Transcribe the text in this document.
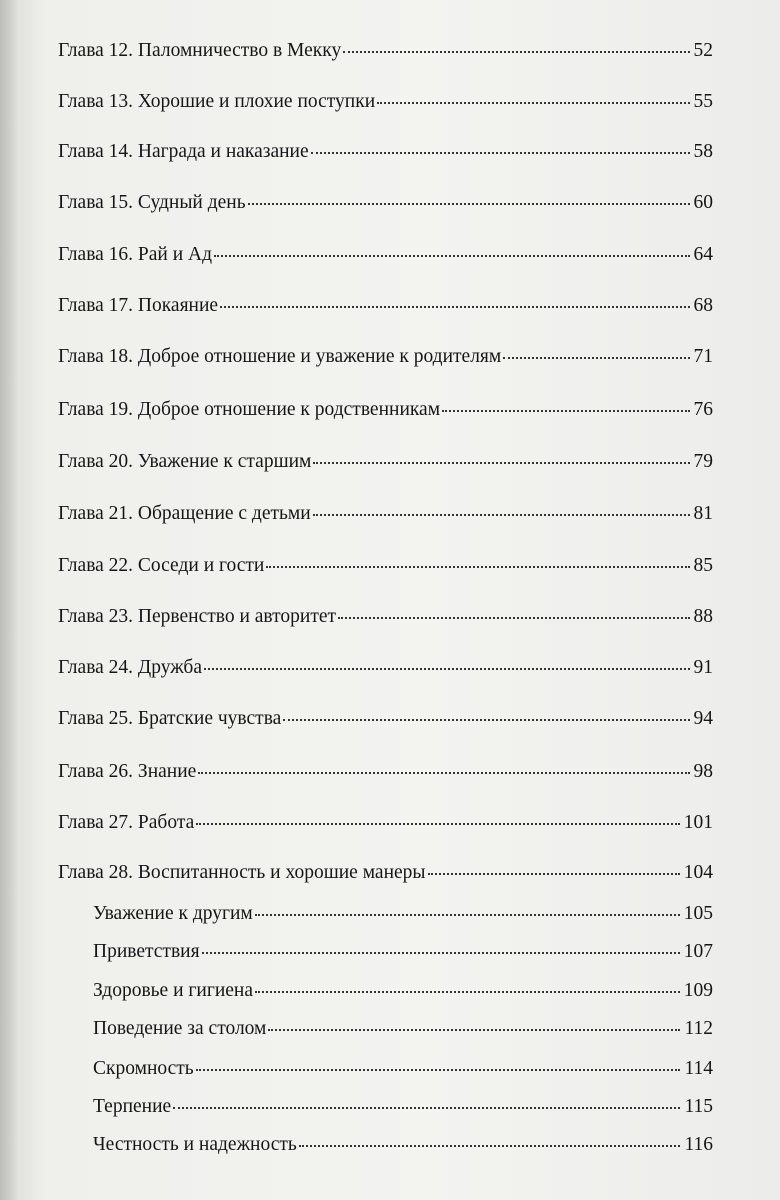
Глава 12. Паломничество в Мекку	52
Глава 13. Хорошие и плохие поступки	55
Глава 14. Награда и наказание	58
Глава 15. Судный день	60
Глава 16. Рай и Ад	64
Глава 17. Покаяние	68
Глава 18. Доброе отношение и уважение к родителям	71
Глава 19. Доброе отношение к родственникам	76
Глава 20. Уважение к старшим	79
Глава 21. Обращение с детьми	81
Глава 22. Соседи и гости	85
Глава 23. Первенство и авторитет	88
Глава 24. Дружба	91
Глава 25. Братские чувства	94
Глава 26. Знание	98
Глава 27. Работа	101
Глава 28. Воспитанность и хорошие манеры	104
Уважение к другим	105
Приветствия	107
Здоровье и гигиена	109
Поведение за столом	112
Скромность	114
Терпение	115
Честность и надежность	116
